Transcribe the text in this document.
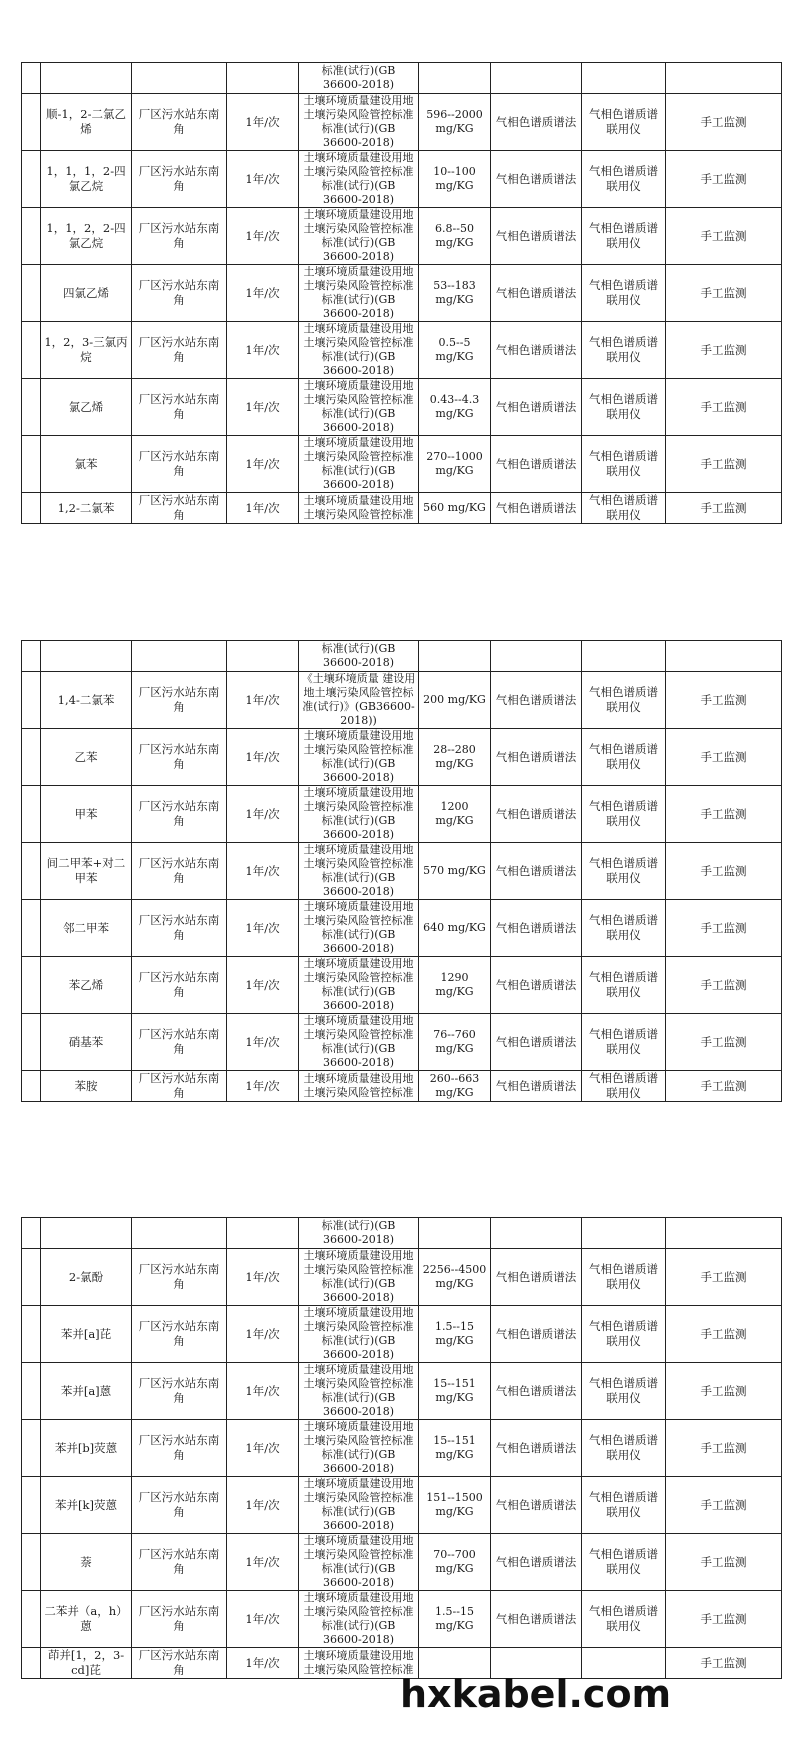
				标准(试行)(GB 36600-2018)				
	顺-1，2-二氯乙烯	厂区污水站东南角	1年/次	土壤环境质量建设用地土壤污染风险管控标准标准(试行)(GB 36600-2018)	596--2000 mg/KG	气相色谱质谱法	气相色谱质谱联用仪	手工监测
	1，1，1，2-四氯乙烷	厂区污水站东南角	1年/次	土壤环境质量建设用地土壤污染风险管控标准标准(试行)(GB 36600-2018)	10--100 mg/KG	气相色谱质谱法	气相色谱质谱联用仪	手工监测
	1，1，2，2-四氯乙烷	厂区污水站东南角	1年/次	土壤环境质量建设用地土壤污染风险管控标准标准(试行)(GB 36600-2018)	6.8--50 mg/KG	气相色谱质谱法	气相色谱质谱联用仪	手工监测
	四氯乙烯	厂区污水站东南角	1年/次	土壤环境质量建设用地土壤污染风险管控标准标准(试行)(GB 36600-2018)	53--183 mg/KG	气相色谱质谱法	气相色谱质谱联用仪	手工监测
	1，2，3-三氯丙烷	厂区污水站东南角	1年/次	土壤环境质量建设用地土壤污染风险管控标准标准(试行)(GB 36600-2018)	0.5--5 mg/KG	气相色谱质谱法	气相色谱质谱联用仪	手工监测
	氯乙烯	厂区污水站东南角	1年/次	土壤环境质量建设用地土壤污染风险管控标准标准(试行)(GB 36600-2018)	0.43--4.3 mg/KG	气相色谱质谱法	气相色谱质谱联用仪	手工监测
	氯苯	厂区污水站东南角	1年/次	土壤环境质量建设用地土壤污染风险管控标准标准(试行)(GB 36600-2018)	270--1000 mg/KG	气相色谱质谱法	气相色谱质谱联用仪	手工监测
	1,2-二氯苯	厂区污水站东南角	1年/次	土壤环境质量建设用地土壤污染风险管控标准	560 mg/KG	气相色谱质谱法	气相色谱质谱联用仪	手工监测
				标准(试行)(GB 36600-2018)				
	1,4-二氯苯	厂区污水站东南角	1年/次	《土壤环境质量 建设用地土壤污染风险管控标准(试行)》(GB36600-2018))	200 mg/KG	气相色谱质谱法	气相色谱质谱联用仪	手工监测
	乙苯	厂区污水站东南角	1年/次	土壤环境质量建设用地土壤污染风险管控标准标准(试行)(GB 36600-2018)	28--280 mg/KG	气相色谱质谱法	气相色谱质谱联用仪	手工监测
	甲苯	厂区污水站东南角	1年/次	土壤环境质量建设用地土壤污染风险管控标准标准(试行)(GB 36600-2018)	1200 mg/KG	气相色谱质谱法	气相色谱质谱联用仪	手工监测
	间二甲苯+对二甲苯	厂区污水站东南角	1年/次	土壤环境质量建设用地土壤污染风险管控标准标准(试行)(GB 36600-2018)	570 mg/KG	气相色谱质谱法	气相色谱质谱联用仪	手工监测
	邻二甲苯	厂区污水站东南角	1年/次	土壤环境质量建设用地土壤污染风险管控标准标准(试行)(GB 36600-2018)	640 mg/KG	气相色谱质谱法	气相色谱质谱联用仪	手工监测
	苯乙烯	厂区污水站东南角	1年/次	土壤环境质量建设用地土壤污染风险管控标准标准(试行)(GB 36600-2018)	1290 mg/KG	气相色谱质谱法	气相色谱质谱联用仪	手工监测
	硝基苯	厂区污水站东南角	1年/次	土壤环境质量建设用地土壤污染风险管控标准标准(试行)(GB 36600-2018)	76--760 mg/KG	气相色谱质谱法	气相色谱质谱联用仪	手工监测
	苯胺	厂区污水站东南角	1年/次	土壤环境质量建设用地土壤污染风险管控标准	260--663 mg/KG	气相色谱质谱法	气相色谱质谱联用仪	手工监测
				标准(试行)(GB 36600-2018)				
	2-氯酚	厂区污水站东南角	1年/次	土壤环境质量建设用地土壤污染风险管控标准标准(试行)(GB 36600-2018)	2256--4500 mg/KG	气相色谱质谱法	气相色谱质谱联用仪	手工监测
	苯并[a]芘	厂区污水站东南角	1年/次	土壤环境质量建设用地土壤污染风险管控标准标准(试行)(GB 36600-2018)	1.5--15 mg/KG	气相色谱质谱法	气相色谱质谱联用仪	手工监测
	苯并[a]蒽	厂区污水站东南角	1年/次	土壤环境质量建设用地土壤污染风险管控标准标准(试行)(GB 36600-2018)	15--151 mg/KG	气相色谱质谱法	气相色谱质谱联用仪	手工监测
	苯并[b]荧蒽	厂区污水站东南角	1年/次	土壤环境质量建设用地土壤污染风险管控标准标准(试行)(GB 36600-2018)	15--151 mg/KG	气相色谱质谱法	气相色谱质谱联用仪	手工监测
	苯并[k]荧蒽	厂区污水站东南角	1年/次	土壤环境质量建设用地土壤污染风险管控标准标准(试行)(GB 36600-2018)	151--1500 mg/KG	气相色谱质谱法	气相色谱质谱联用仪	手工监测
	萘	厂区污水站东南角	1年/次	土壤环境质量建设用地土壤污染风险管控标准标准(试行)(GB 36600-2018)	70--700 mg/KG	气相色谱质谱法	气相色谱质谱联用仪	手工监测
	二苯并（a，h）蒽	厂区污水站东南角	1年/次	土壤环境质量建设用地土壤污染风险管控标准标准(试行)(GB 36600-2018)	1.5--15 mg/KG	气相色谱质谱法	气相色谱质谱联用仪	手工监测
	茚并[1，2，3-cd]芘	厂区污水站东南角	1年/次	土壤环境质量建设用地土壤污染风险管控标准				手工监测
hxkabel.com
